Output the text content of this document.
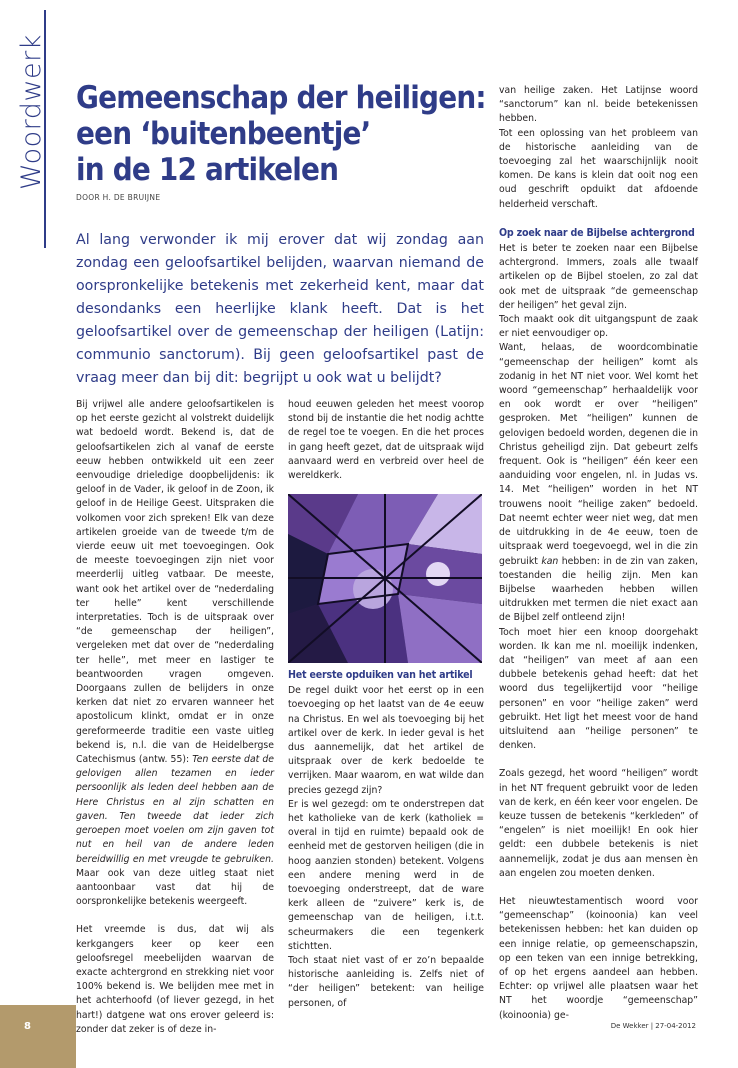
Woordwerk Gemeenschap der heiligen:
een ‘buitenbeentje’
in de 12 artikelen
DOOR H. DE BRUIJNE
Al lang verwonder ik mij erover dat wij zondag aan zondag een geloofsartikel belijden, waarvan niemand de oorspronkelijke betekenis met zekerheid kent, maar dat desondanks een heerlijke klank heeft. Dat is het geloofsartikel over de gemeenschap der heiligen (Latijn: communio sanctorum). Bij geen geloofsartikel past de vraag meer dan bij dit: begrijpt u ook wat u belijdt?

Bij vrijwel alle andere geloofsartikelen is op het eerste gezicht al volstrekt duidelijk wat bedoeld wordt. Bekend is, dat de geloofsartikelen zich al vanaf de eerste eeuw hebben ontwikkeld uit een zeer eenvoudige drieledige doopbelijdenis: ik geloof in de Vader, ik geloof in de Zoon, ik geloof in de Heilige Geest. Uitspraken die volkomen voor zich spreken! Elk van deze artikelen groeide van de tweede t/m de vierde eeuw uit met toevoegingen. Ook de meeste toevoegingen zijn niet voor meerderlij uitleg vatbaar. De meeste, want ook het artikel over de “nederdaling ter helle” kent verschillende interpretaties. Toch is de uitspraak over “de gemeenschap der heiligen”, vergeleken met dat over de “nederdaling ter helle”, met meer en lastiger te beantwoorden vragen omgeven. Doorgaans zullen de belijders in onze kerken dat niet zo ervaren wanneer het apostolicum klinkt, omdat er in onze gereformeerde traditie een vaste uitleg bekend is, n.l. die van de Heidelbergse Catechismus (antw. 55): Ten eerste dat de gelovigen allen tezamen en ieder persoonlijk als leden deel hebben aan de Here Christus en al zijn schatten en gaven. Ten tweede dat ieder zich geroepen moet voelen om zijn gaven tot nut en heil van de andere leden bereidwillig en met vreugde te gebruiken. Maar ook van deze uitleg staat niet aantoonbaar vast dat hij de oorspronkelijke betekenis weergeeft.

Het vreemde is dus, dat wij als kerkgangers keer op keer een geloofsregel meebelijden waarvan de exacte achtergrond en strekking niet voor 100% bekend is. We belijden mee met in het achterhoofd (of liever gezegd, in het hart!) datgene wat ons erover geleerd is: zonder dat zeker is of deze in-

houd eeuwen geleden het meest voorop stond bij de instantie die het nodig achtte de regel toe te voegen. En die het proces in gang heeft gezet, dat de uitspraak wijd aanvaard werd en verbreid over heel de wereldkerk.

Het eerste opduiken van het artikel

De regel duikt voor het eerst op in een toevoeging op het laatst van de 4e eeuw na Christus. En wel als toevoeging bij het artikel over de kerk. In ieder geval is het dus aannemelijk, dat het artikel de uitspraak over de kerk bedoelde te verrijken. Maar waarom, en wat wilde dan precies gezegd zijn?

Er is wel gezegd: om te onderstrepen dat het katholieke van de kerk (katholiek = overal in tijd en ruimte) bepaald ook de eenheid met de gestorven heiligen (die in hoog aanzien stonden) betekent. Volgens een andere mening werd in de toevoeging onderstreept, dat de ware kerk alleen de “zuivere” kerk is, de gemeenschap van de heiligen, i.t.t. scheurmakers die een tegenkerk stichtten.

Toch staat niet vast of er zo’n bepaalde historische aanleiding is. Zelfs niet of “der heiligen” betekent: van heilige personen, of

van heilige zaken. Het Latijnse woord “sanctorum” kan nl. beide betekenissen hebben.

Tot een oplossing van het probleem van de historische aanleiding van de toevoeging zal het waarschijnlijk nooit komen. De kans is klein dat ooit nog een oud geschrift opduikt dat afdoende helderheid verschaft.

Op zoek naar de Bijbelse achtergrond

Het is beter te zoeken naar een Bijbelse achtergrond. Immers, zoals alle twaalf artikelen op de Bijbel stoelen, zo zal dat ook met de uitspraak “de gemeenschap der heiligen” het geval zijn.

Toch maakt ook dit uitgangspunt de zaak er niet eenvoudiger op.

Want, helaas, de woordcombinatie “gemeenschap der heiligen” komt als zodanig in het NT niet voor. Wel komt het woord “gemeenschap” herhaaldelijk voor en ook wordt er over “heiligen” gesproken. Met “heiligen” kunnen de gelovigen bedoeld worden, degenen die in Christus geheiligd zijn. Dat gebeurt zelfs frequent. Ook is “heiligen” één keer een aanduiding voor engelen, nl. in Judas vs. 14. Met “heiligen” worden in het NT trouwens nooit “heilige zaken” bedoeld. Dat neemt echter weer niet weg, dat men de uitdrukking in de 4e eeuw, toen de uitspraak werd toegevoegd, wel in die zin gebruikt kan hebben: in de zin van zaken, toestanden die heilig zijn. Men kan Bijbelse waarheden hebben willen uitdrukken met termen die niet exact aan de Bijbel zelf ontleend zijn!

Toch moet hier een knoop doorgehakt worden. Ik kan me nl. moeilijk indenken, dat “heiligen” van meet af aan een dubbele betekenis gehad heeft: dat het woord dus tegelijkertijd voor “heilige personen” en voor “heilige zaken” werd gebruikt. Het ligt het meest voor de hand uitsluitend aan “heilige personen” te denken.

Zoals gezegd, het woord “heiligen” wordt in het NT frequent gebruikt voor de leden van de kerk, en één keer voor engelen. De keuze tussen de betekenis “kerkleden” of “engelen” is niet moeilijk! En ook hier geldt: een dubbele betekenis is niet aannemelijk, zodat je dus aan mensen èn aan engelen zou moeten denken.

Het nieuwtestamentisch woord voor “gemeenschap” (koinoonia) kan veel betekenissen hebben: het kan duiden op een innige relatie, op gemeenschapszin, op een teken van een innige betrekking, of op het ergens aandeel aan hebben. Echter: op vrijwel alle plaatsen waar het NT het woordje “gemeenschap” (koinoonia) ge-

8	De Wekker | 27-04-2012
